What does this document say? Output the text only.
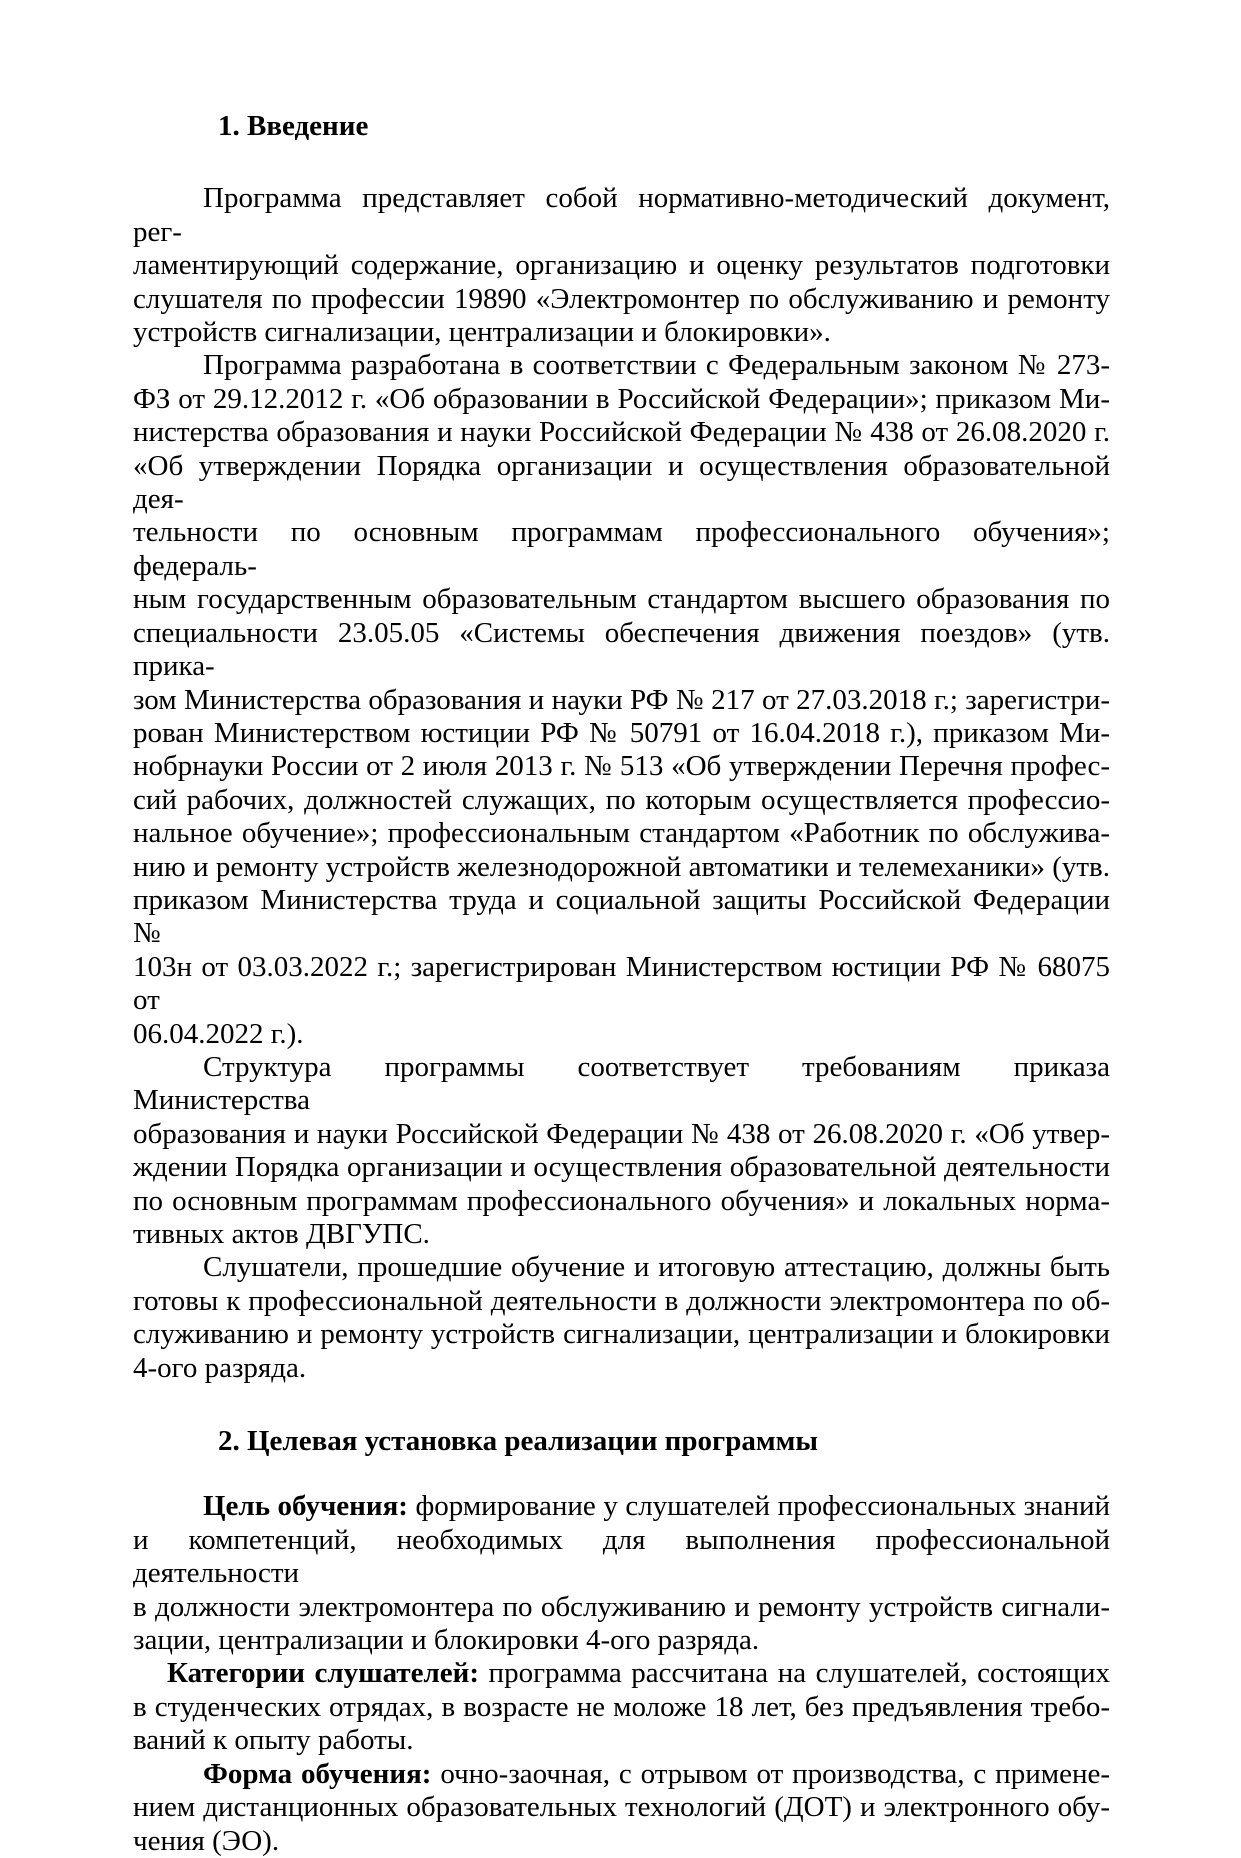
1. Введение
Программа представляет собой нормативно-методический документ, рег-
ламентирующий содержание, организацию и оценку результатов подготовки
слушателя по профессии 19890 «Электромонтер по обслуживанию и ремонту
устройств сигнализации, централизации и блокировки».
Программа разработана в соответствии с Федеральным законом № 273-
ФЗ от 29.12.2012 г. «Об образовании в Российской Федерации»; приказом Ми-
нистерства образования и науки Российской Федерации № 438 от 26.08.2020 г.
«Об утверждении Порядка организации и осуществления образовательной дея-
тельности по основным программам профессионального обучения»; федераль-
ным государственным образовательным стандартом высшего образования по
специальности 23.05.05 «Системы обеспечения движения поездов» (утв. прика-
зом Министерства образования и науки РФ № 217 от 27.03.2018 г.; зарегистри-
рован Министерством юстиции РФ № 50791 от 16.04.2018 г.), приказом Ми-
нобрнауки России от 2 июля 2013 г. № 513 «Об утверждении Перечня профес-
сий рабочих, должностей служащих, по которым осуществляется профессио-
нальное обучение»; профессиональным стандартом «Работник по обслужива-
нию и ремонту устройств железнодорожной автоматики и телемеханики» (утв.
приказом Министерства труда и социальной защиты Российской Федерации №
103н от 03.03.2022 г.; зарегистрирован Министерством юстиции РФ № 68075 от
06.04.2022 г.).
Структура программы соответствует требованиям приказа Министерства
образования и науки Российской Федерации № 438 от 26.08.2020 г. «Об утвер-
ждении Порядка организации и осуществления образовательной деятельности
по основным программам профессионального обучения» и локальных норма-
тивных актов ДВГУПС.
Слушатели, прошедшие обучение и итоговую аттестацию, должны быть
готовы к профессиональной деятельности в должности электромонтера по об-
служиванию и ремонту устройств сигнализации, централизации и блокировки
4-ого разряда.
2. Целевая установка реализации программы
Цель обучения: формирование у слушателей профессиональных знаний
и компетенций, необходимых для выполнения профессиональной деятельности
в должности электромонтера по обслуживанию и ремонту устройств сигнали-
зации, централизации и блокировки 4-ого разряда.
Категории слушателей: программа рассчитана на слушателей, состоящих
в студенческих отрядах, в возрасте не моложе 18 лет, без предъявления требо-
ваний к опыту работы.
Форма обучения: очно-заочная, с отрывом от производства, с примене-
нием дистанционных образовательных технологий (ДОТ) и электронного обу-
чения (ЭО).
